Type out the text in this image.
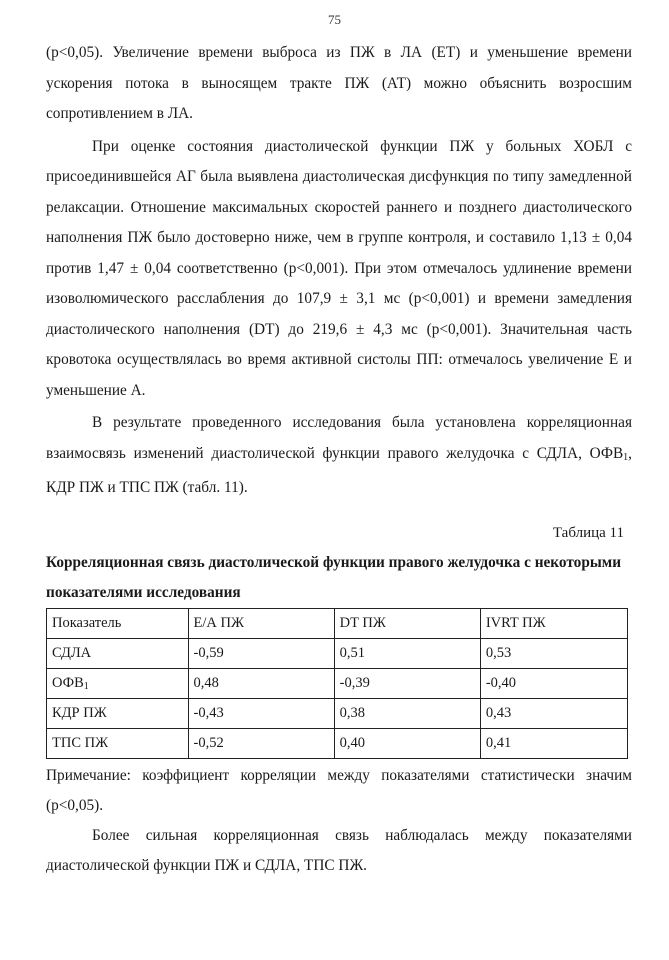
75

(р<0,05). Увеличение времени выброса из ПЖ в ЛА (ЕТ) и уменьшение времени ускорения потока в выносящем тракте ПЖ (АТ) можно объяснить возросшим сопротивлением в ЛА.

При оценке состояния диастолической функции ПЖ у больных ХОБЛ с присоединившейся АГ была выявлена диастолическая дисфункция по типу замедленной релаксации. Отношение максимальных скоростей раннего и позднего диастолического наполнения ПЖ было достоверно ниже, чем в группе контроля, и составило 1,13 ± 0,04 против 1,47 ± 0,04 соответственно (р<0,001). При этом отмечалось удлинение времени изоволюмического расслабления до 107,9 ± 3,1 мс (р<0,001) и времени замедления диастолического наполнения (DT) до 219,6 ± 4,3 мс (р<0,001). Значительная часть кровотока осуществлялась во время активной систолы ПП: отмечалось увеличение Е и уменьшение А.

В результате проведенного исследования была установлена корреляционная взаимосвязь изменений диастолической функции правого желудочка с СДЛА, $ОФВ_1$, КДР ПЖ и ТПС ПЖ (табл. 11).

Таблица 11

Корреляционная связь диастолической функции правого желудочка с некоторыми показателями исследования

Показатель	Е/А ПЖ	DT ПЖ	IVRT ПЖ
СДЛА	-0,59	0,51	0,53
$ОФВ_1$	0,48	-0,39	-0,40
КДР ПЖ	-0,43	0,38	0,43
ТПС ПЖ	-0,52	0,40	0,41

Примечание: коэффициент корреляции между показателями статистически значим (р<0,05).

Более сильная корреляционная связь наблюдалась между показателями диастолической функции ПЖ и СДЛА, ТПС ПЖ.
